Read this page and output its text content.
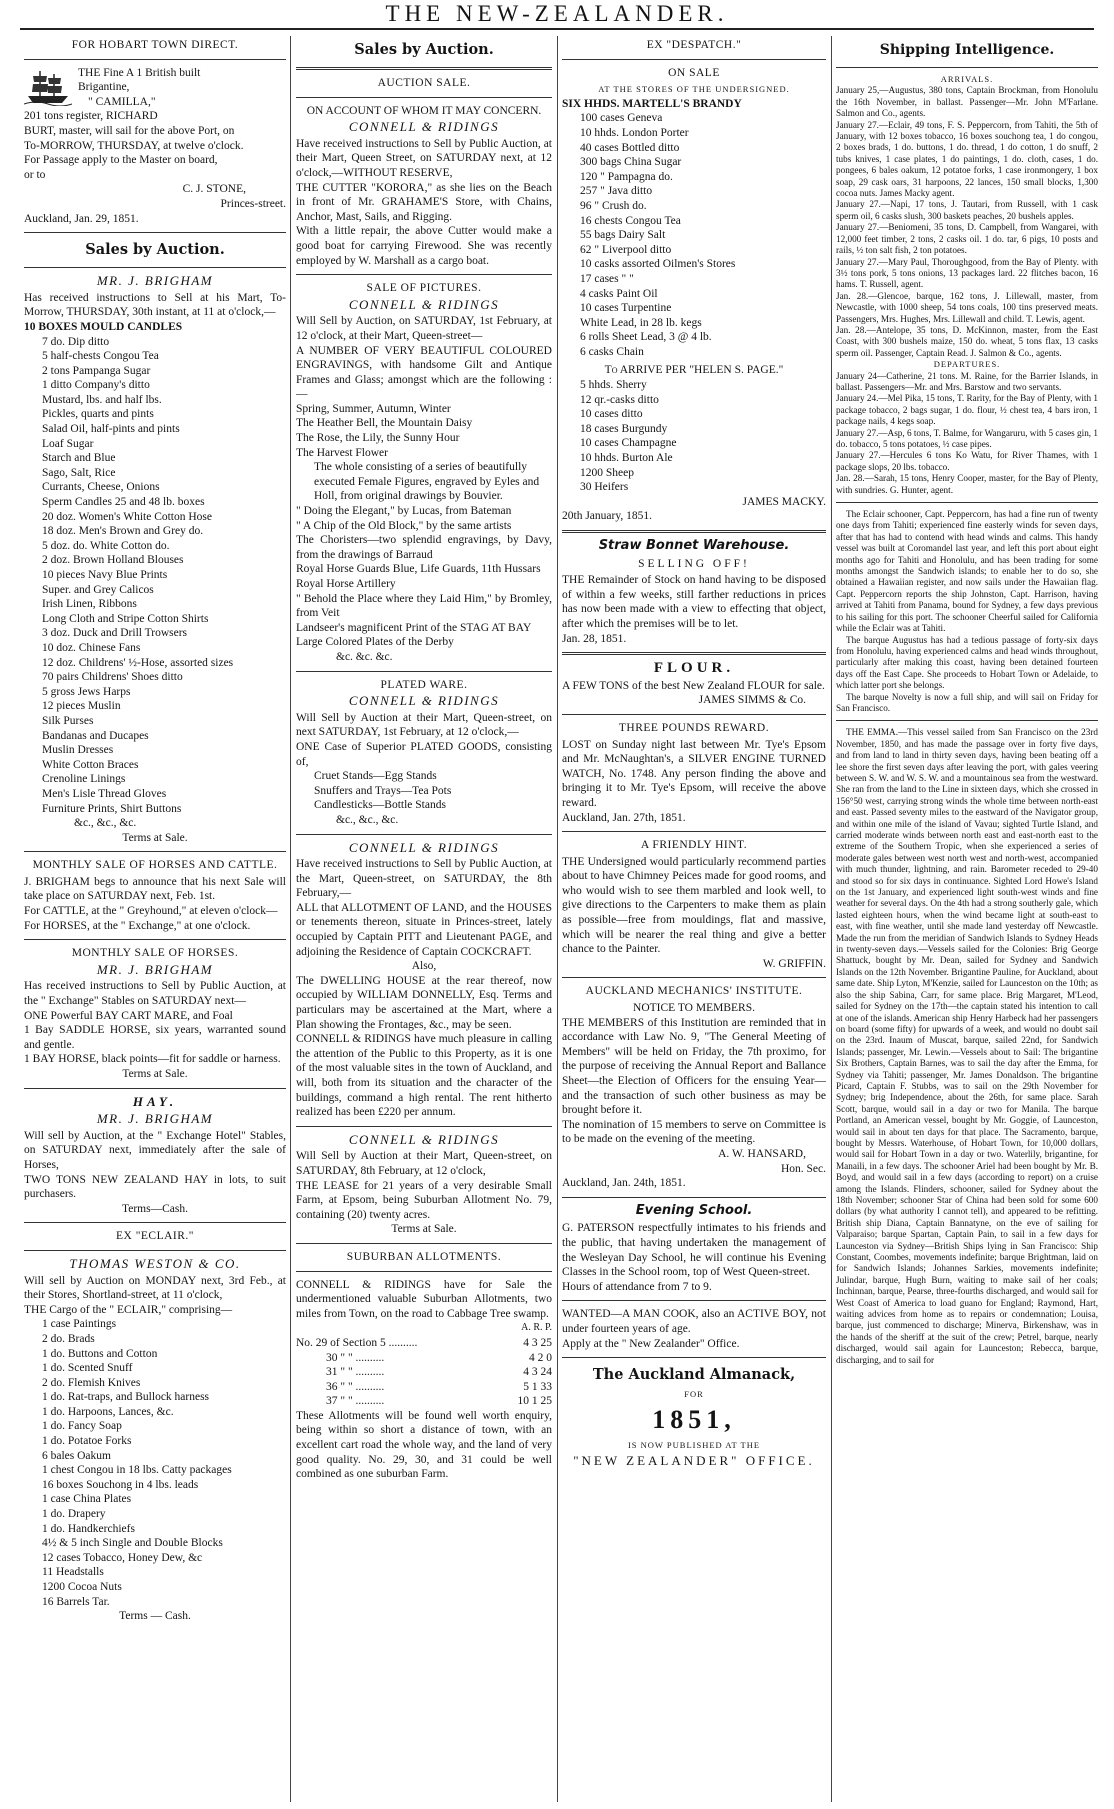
THE NEW-ZEALANDER.

FOR HOBART TOWN DIRECT.

THE Fine A 1 British built

Brigantine,

" CAMILLA,"

201 tons register, RICHARD

BURT, master, will sail for the above Port, on

To-MORROW, THURSDAY, at twelve o'clock.

For Passage apply to the Master on board,

or to

C. J. STONE,

Princes-street.

Auckland, Jan. 29, 1851.

Sales by Auction.

MR. J. BRIGHAM

Has received instructions to Sell at his Mart, To-Morrow, THURSDAY, 30th instant, at 11 at o'clock,—

10 BOXES MOULD CANDLES

7 do. Dip ditto

5 half-chests Congou Tea

2 tons Pampanga Sugar

1 ditto Company's ditto

Mustard, lbs. and half lbs.

Pickles, quarts and pints

Salad Oil, half-pints and pints

Loaf Sugar

Starch and Blue

Sago, Salt, Rice

Currants, Cheese, Onions

Sperm Candles 25 and 48 lb. boxes

20 doz. Women's White Cotton Hose

18 doz. Men's Brown and Grey do.

5 doz. do. White Cotton do.

2 doz. Brown Holland Blouses

10 pieces Navy Blue Prints

Super. and Grey Calicos

Irish Linen, Ribbons

Long Cloth and Stripe Cotton Shirts

3 doz. Duck and Drill Trowsers

10 doz. Chinese Fans

12 doz. Childrens' ½-Hose, assorted sizes

70 pairs Childrens' Shoes ditto

5 gross Jews Harps

12 pieces Muslin

Silk Purses

Bandanas and Ducapes

Muslin Dresses

White Cotton Braces

Crenoline Linings

Men's Lisle Thread Gloves

Furniture Prints, Shirt Buttons

&c., &c., &c.

Terms at Sale.

MONTHLY SALE OF HORSES AND CATTLE.

J. BRIGHAM begs to announce that his next Sale will take place on SATURDAY next, Feb. 1st.

For CATTLE, at the " Greyhound," at eleven o'clock—

For HORSES, at the " Exchange," at one o'clock.

MONTHLY SALE OF HORSES.

MR. J. BRIGHAM

Has received instructions to Sell by Public Auction, at the " Exchange" Stables on SATURDAY next—

ONE Powerful BAY CART MARE, and Foal

1 Bay SADDLE HORSE, six years, warranted sound and gentle.

1 BAY HORSE, black points—fit for saddle or harness.

Terms at Sale.

HAY.

MR. J. BRIGHAM

Will sell by Auction, at the " Exchange Hotel" Stables, on SATURDAY next, immediately after the sale of Horses,

TWO TONS NEW ZEALAND HAY in lots, to suit purchasers.

Terms—Cash.

EX "ECLAIR."

THOMAS WESTON & CO.

Will sell by Auction on MONDAY next, 3rd Feb., at their Stores, Shortland-street, at 11 o'clock,

THE Cargo of the " ECLAIR," comprising—

1 case Paintings

2 do. Brads

1 do. Buttons and Cotton

1 do. Scented Snuff

2 do. Flemish Knives

1 do. Rat-traps, and Bullock harness

1 do. Harpoons, Lances, &c.

1 do. Fancy Soap

1 do. Potatoe Forks

6 bales Oakum

1 chest Congou in 18 lbs. Catty packages

16 boxes Souchong in 4 lbs. leads

1 case China Plates

1 do. Drapery

1 do. Handkerchiefs

4½ & 5 inch Single and Double Blocks

12 cases Tobacco, Honey Dew, &c

11 Headstalls

1200 Cocoa Nuts

16 Barrels Tar.

Terms — Cash.

Sales by Auction.

AUCTION SALE.

ON ACCOUNT OF WHOM IT MAY CONCERN.

CONNELL & RIDINGS

Have received instructions to Sell by Public Auction, at their Mart, Queen Street, on SATURDAY next, at 12 o'clock,—WITHOUT RESERVE,

THE CUTTER "KORORA," as she lies on the Beach in front of Mr. GRAHAME'S Store, with Chains, Anchor, Mast, Sails, and Rigging.

With a little repair, the above Cutter would make a good boat for carrying Firewood. She was recently employed by W. Marshall as a cargo boat.

SALE OF PICTURES.

CONNELL & RIDINGS

Will Sell by Auction, on SATURDAY, 1st February, at 12 o'clock, at their Mart, Queen-street—

A NUMBER OF VERY BEAUTIFUL COLOURED ENGRAVINGS, with handsome Gilt and Antique Frames and Glass; amongst which are the following :—

Spring, Summer, Autumn, Winter

The Heather Bell, the Mountain Daisy

The Rose, the Lily, the Sunny Hour

The Harvest Flower

The whole consisting of a series of beautifully executed Female Figures, engraved by Eyles and Holl, from original drawings by Bouvier.

" Doing the Elegant," by Lucas, from Bateman

" A Chip of the Old Block," by the same artists

The Choristers—two splendid engravings, by Davy, from the drawings of Barraud

Royal Horse Guards Blue, Life Guards, 11th Hussars

Royal Horse Artillery

" Behold the Place where they Laid Him," by Bromley, from Veit

Landseer's magnificent Print of the STAG AT BAY

Large Colored Plates of the Derby

&c. &c. &c.

PLATED WARE.

CONNELL & RIDINGS

Will Sell by Auction at their Mart, Queen-street, on next SATURDAY, 1st February, at 12 o'clock,—

ONE Case of Superior PLATED GOODS, consisting of,

Cruet Stands—Egg Stands

Snuffers and Trays—Tea Pots

Candlesticks—Bottle Stands

&c., &c., &c.

CONNELL & RIDINGS

Have received instructions to Sell by Public Auction, at the Mart, Queen-street, on SATURDAY, the 8th February,—

ALL that ALLOTMENT OF LAND, and the HOUSES or tenements thereon, situate in Princes-street, lately occupied by Captain PITT and Lieutenant PAGE, and adjoining the Residence of Captain COCKCRAFT.

Also,

The DWELLING HOUSE at the rear thereof, now occupied by WILLIAM DONNELLY, Esq. Terms and particulars may be ascertained at the Mart, where a Plan showing the Frontages, &c., may be seen.

CONNELL & RIDINGS have much pleasure in calling the attention of the Public to this Property, as it is one of the most valuable sites in the town of Auckland, and will, both from its situation and the character of the buildings, command a high rental. The rent hitherto realized has been £220 per annum.

CONNELL & RIDINGS

Will Sell by Auction at their Mart, Queen-street, on SATURDAY, 8th February, at 12 o'clock,

THE LEASE for 21 years of a very desirable Small Farm, at Epsom, being Suburban Allotment No. 79, containing (20) twenty acres.

Terms at Sale.

SUBURBAN ALLOTMENTS.

CONNELL & RIDINGS have for Sale the undermentioned valuable Suburban Allotments, two miles from Town, on the road to Cabbage Tree swamp.

A. R. P.

No. 29 of Section 5 ..........	4 3 25
30 " " ..........	4 2 0
31 " " ..........	4 3 24
36 " " ..........	5 1 33
37 " " ..........	10 1 25

These Allotments will be found well worth enquiry, being within so short a distance of town, with an excellent cart road the whole way, and the land of very good quality. No. 29, 30, and 31 could be well combined as one suburban Farm.

EX "DESPATCH."

ON SALE

AT THE STORES OF THE UNDERSIGNED.

SIX HHDS. MARTELL'S BRANDY

100 cases Geneva

10 hhds. London Porter

40 cases Bottled ditto

300 bags China Sugar

120 " Pampagna do.

257 " Java ditto

96 " Crush do.

16 chests Congou Tea

55 bags Dairy Salt

62 " Liverpool ditto

10 casks assorted Oilmen's Stores

17 cases " "

4 casks Paint Oil

10 cases Turpentine

White Lead, in 28 lb. kegs

6 rolls Sheet Lead, 3 @ 4 lb.

6 casks Chain

To ARRIVE PER "HELEN S. PAGE."

5 hhds. Sherry

12 qr.-casks ditto

10 cases ditto

18 cases Burgundy

10 cases Champagne

10 hhds. Burton Ale

1200 Sheep

30 Heifers

JAMES MACKY.

20th January, 1851.

Straw Bonnet Warehouse.

SELLING OFF!

THE Remainder of Stock on hand having to be disposed of within a few weeks, still farther reductions in prices has now been made with a view to effecting that object, after which the premises will be to let.

Jan. 28, 1851.

FLOUR.

A FEW TONS of the best New Zealand FLOUR for sale.

JAMES SIMMS & Co.

THREE POUNDS REWARD.

LOST on Sunday night last between Mr. Tye's Epsom and Mr. McNaughtan's, a SILVER ENGINE TURNED WATCH, No. 1748. Any person finding the above and bringing it to Mr. Tye's Epsom, will receive the above reward.

Auckland, Jan. 27th, 1851.

A FRIENDLY HINT.

THE Undersigned would particularly recommend parties about to have Chimney Peices made for good rooms, and who would wish to see them marbled and look well, to give directions to the Carpenters to make them as plain as possible—free from mouldings, flat and massive, which will be nearer the real thing and give a better chance to the Painter.

W. GRIFFIN.

AUCKLAND MECHANICS' INSTITUTE.

NOTICE TO MEMBERS.

THE MEMBERS of this Institution are reminded that in accordance with Law No. 9, "The General Meeting of Members" will be held on Friday, the 7th proximo, for the purpose of receiving the Annual Report and Ballance Sheet—the Election of Officers for the ensuing Year—and the transaction of such other business as may be brought before it.

The nomination of 15 members to serve on Committee is to be made on the evening of the meeting.

A. W. HANSARD,

Hon. Sec.

Auckland, Jan. 24th, 1851.

Evening School.

G. PATERSON respectfully intimates to his friends and the public, that having undertaken the management of the Wesleyan Day School, he will continue his Evening Classes in the School room, top of West Queen-street.

Hours of attendance from 7 to 9.

WANTED—A MAN COOK, also an ACTIVE BOY, not under fourteen years of age.

Apply at the " New Zealander" Office.

The Auckland Almanack,

FOR

1851,

IS NOW PUBLISHED AT THE

"NEW ZEALANDER" OFFICE.

Shipping Intelligence.

ARRIVALS.

January 25,—Augustus, 380 tons, Captain Brockman, from Honolulu the 16th November, in ballast. Passenger—Mr. John M'Farlane. Salmon and Co., agents.

January 27.—Eclair, 49 tons, F. S. Peppercorn, from Tahiti, the 5th of January, with 12 boxes tobacco, 16 boxes souchong tea, 1 do congou, 2 boxes brads, 1 do. buttons, 1 do. thread, 1 do cotton, 1 do snuff, 2 tubs knives, 1 case plates, 1 do paintings, 1 do. cloth, cases, 1 do. pongees, 6 bales oakum, 12 potatoe forks, 1 case ironmongery, 1 box soap, 29 cask oars, 31 harpoons, 22 lances, 150 small blocks, 1,300 cocoa nuts. James Macky agent.

January 27.—Napi, 17 tons, J. Tautari, from Russell, with 1 cask sperm oil, 6 casks slush, 300 baskets peaches, 20 bushels apples.

January 27.—Beniomeni, 35 tons, D. Campbell, from Wangarei, with 12,000 feet timber, 2 tons, 2 casks oil. 1 do. tar, 6 pigs, 10 posts and rails, ½ ton salt fish, 2 ton potatoes.

January 27.—Mary Paul, Thoroughgood, from the Bay of Plenty. with 3½ tons pork, 5 tons onions, 13 packages lard. 22 flitches bacon, 16 hams. T. Russell, agent.

Jan. 28.—Glencoe, barque, 162 tons, J. Lillewall, master, from Newcastle, with 1000 sheep, 54 tons coals, 100 tins preserved meats. Passengers, Mrs. Hughes, Mrs. Lillewall and child. T. Lewis, agent.

Jan. 28.—Antelope, 35 tons, D. McKinnon, master, from the East Coast, with 300 bushels maize, 150 do. wheat, 5 tons flax, 13 casks sperm oil. Passenger, Captain Read. J. Salmon & Co., agents.

DEPARTURES.

January 24—Catherine, 21 tons. M. Raine, for the Barrier Islands, in ballast. Passengers—Mr. and Mrs. Barstow and two servants.

January 24.—Mel Pika, 15 tons, T. Rarity, for the Bay of Plenty, with 1 package tobacco, 2 bags sugar, 1 do. flour, ½ chest tea, 4 bars iron, 1 package nails, 4 kegs soap.

January 27.—Asp, 6 tons, T. Balme, for Wangaruru, with 5 cases gin, 1 do. tobacco, 5 tons potatoes, ½ case pipes.

January 27.—Hercules 6 tons Ko Watu, for River Thames, with 1 package slops, 20 lbs. tobacco.

Jan. 28.—Sarah, 15 tons, Henry Cooper, master, for the Bay of Plenty, with sundries. G. Hunter, agent.

The Eclair schooner, Capt. Peppercorn, has had a fine run of twenty one days from Tahiti; experienced fine easterly winds for seven days, after that has had to contend with head winds and calms. This handy vessel was built at Coromandel last year, and left this port about eight months ago for Tahiti and Honolulu, and has been trading for some months amongst the Sandwich islands; to enable her to do so, she obtained a Hawaiian register, and now sails under the Hawaiian flag. Capt. Peppercorn reports the ship Johnston, Capt. Harrison, having arrived at Tahiti from Panama, bound for Sydney, a few days previous to his sailing for this port. The schooner Cheerful sailed for California while the Eclair was at Tahiti.

The barque Augustus has had a tedious passage of forty-six days from Honolulu, having experienced calms and head winds throughout, particularly after making this coast, having been detained fourteen days off the East Cape. She proceeds to Hobart Town or Adelaide, to which latter port she belongs.

The barque Novelty is now a full ship, and will sail on Friday for San Francisco.

THE EMMA.—This vessel sailed from San Francisco on the 23rd November, 1850, and has made the passage over in forty five days, and from land to land in thirty seven days, having been beating off a lee shore the first seven days after leaving the port, with gales veering between S. W. and W. S. W. and a mountainous sea from the westward. She ran from the land to the Line in sixteen days, which she crossed in 156°50 west, carrying strong winds the whole time between north-east and east. Passed seventy miles to the eastward of the Navigator group, and within one mile of the island of Vavau; sighted Turtle Island, and carried moderate winds between north east and east-north east to the extreme of the Southern Tropic, when she experienced a series of moderate gales between west north west and north-west, accompanied with much thunder, lightning, and rain. Barometer receded to 29-40 and stood so for six days in continuance. Sighted Lord Howe's Island on the 1st January, and experienced light south-west winds and fine weather for several days. On the 4th had a strong southerly gale, which lasted eighteen hours, when the wind became light at south-east to east, with fine weather, until she made land yesterday off Newcastle. Made the run from the meridian of Sandwich Islands to Sydney Heads in twenty-seven days.—Vessels sailed for the Colonies: Brig George Shattuck, bought by Mr. Dean, sailed for Sydney and Sandwich Islands on the 12th November. Brigantine Pauline, for Auckland, about same date. Ship Lyton, M'Kenzie, sailed for Launceston on the 10th; as also the ship Sabina, Carr, for same place. Brig Margaret, M'Leod, sailed for Sydney on the 17th—the captain stated his intention to call at one of the islands. American ship Henry Harbeck had her passengers on board (some fifty) for upwards of a week, and would no doubt sail on the 23rd. Inaum of Muscat, barque, sailed 22nd, for Sandwich Islands; passenger, Mr. Lewin.—Vessels about to Sail: The brigantine Six Brothers, Captain Barnes, was to sail the day after the Emma, for Sydney via Tahiti; passenger, Mr. James Donaldson. The brigantine Picard, Captain F. Stubbs, was to sail on the 29th November for Sydney; brig Independence, about the 26th, for same place. Sarah Scott, barque, would sail in a day or two for Manila. The barque Portland, an American vessel, bought by Mr. Goggie, of Launceston, would sail in about ten days for that place. The Sacramento, barque, bought by Messrs. Waterhouse, of Hobart Town, for 10,000 dollars, would sail for Hobart Town in a day or two. Waterlily, brigantine, for Manaili, in a few days. The schooner Ariel had been bought by Mr. B. Boyd, and would sail in a few days (according to report) on a cruise among the Islands. Flinders, schooner, sailed for Sydney about the 18th November; schooner Star of China had been sold for some 600 dollars (by what authority I cannot tell), and appeared to be refitting. British ship Diana, Captain Bannatyne, on the eve of sailing for Valparaiso; barque Spartan, Captain Pain, to sail in a few days for Launceston via Sydney—British Ships lying in San Francisco: Ship Constant, Coombes, movements indefinite; barque Brightman, laid on for Sandwich Islands; Johannes Sarkies, movements indefinite; Julindar, barque, Hugh Burn, waiting to make sail of her coals; Inchinnan, barque, Pearse, three-fourths discharged, and would sail for West Coast of America to load guano for England; Raymond, Hart, waiting advices from home as to repairs or condemnation; Louisa, barque, just commenced to discharge; Minerva, Birkenshaw, was in the hands of the sheriff at the suit of the crew; Petrel, barque, nearly discharged, would sail again for Launceston; Rebecca, barque, discharging, and to sail for
